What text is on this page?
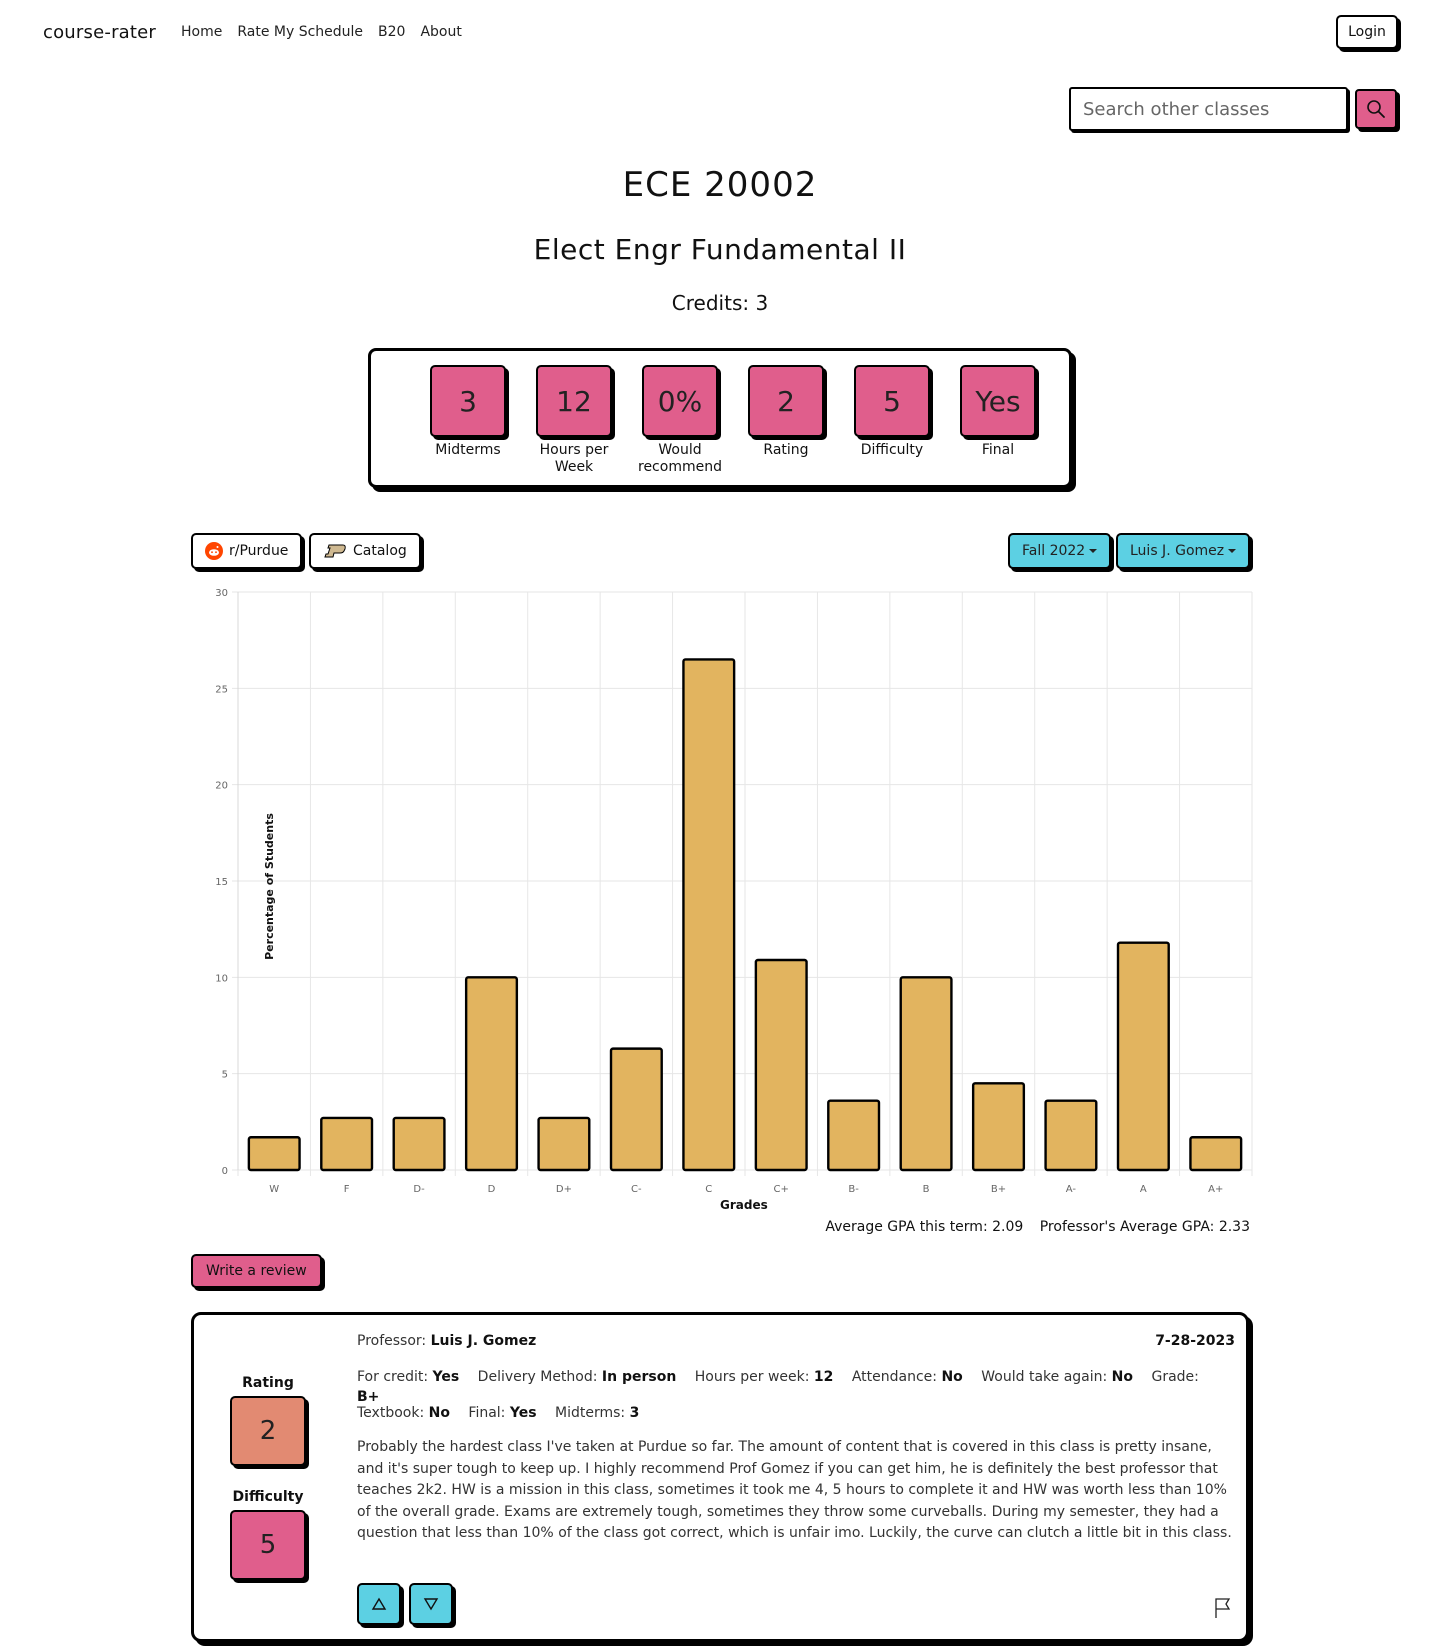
course-rater Home Rate My Schedule B20 About	Login
Search other classes
ECE 20002
Elect Engr Fundamental II
Credits: 3
3
Midterms
12
Hours per Week
0%
Would recommend
2
Rating
5
Difficulty
Yes
Final
r/Purdue	Catalog	Fall 2022	Luis J. Gomez
0
5
10
15
20
25
30
W	F	D-	D	D+	C-	C	C+	B-	B	B+	A-	A	A+
Percentage of Students
Grades
Average GPA this term: 2.09 Professor's Average GPA: 2.33
Write a review
Rating
2
Difficulty
5
Professor: Luis J. Gomez	7-28-2023
For credit: Yes Delivery Method: In person Hours per week: 12 Attendance: No Would take again: No Grade: B+
Textbook: No Final: Yes Midterms: 3
Probably the hardest class I've taken at Purdue so far. The amount of content that is covered in this class is pretty insane, and it's super tough to keep up. I highly recommend Prof Gomez if you can get him, he is definitely the best professor that teaches 2k2. HW is a mission in this class, sometimes it took me 4, 5 hours to complete it and HW was worth less than 10% of the overall grade. Exams are extremely tough, sometimes they throw some curveballs. During my semester, they had a question that less than 10% of the class got correct, which is unfair imo. Luckily, the curve can clutch a little bit in this class.
